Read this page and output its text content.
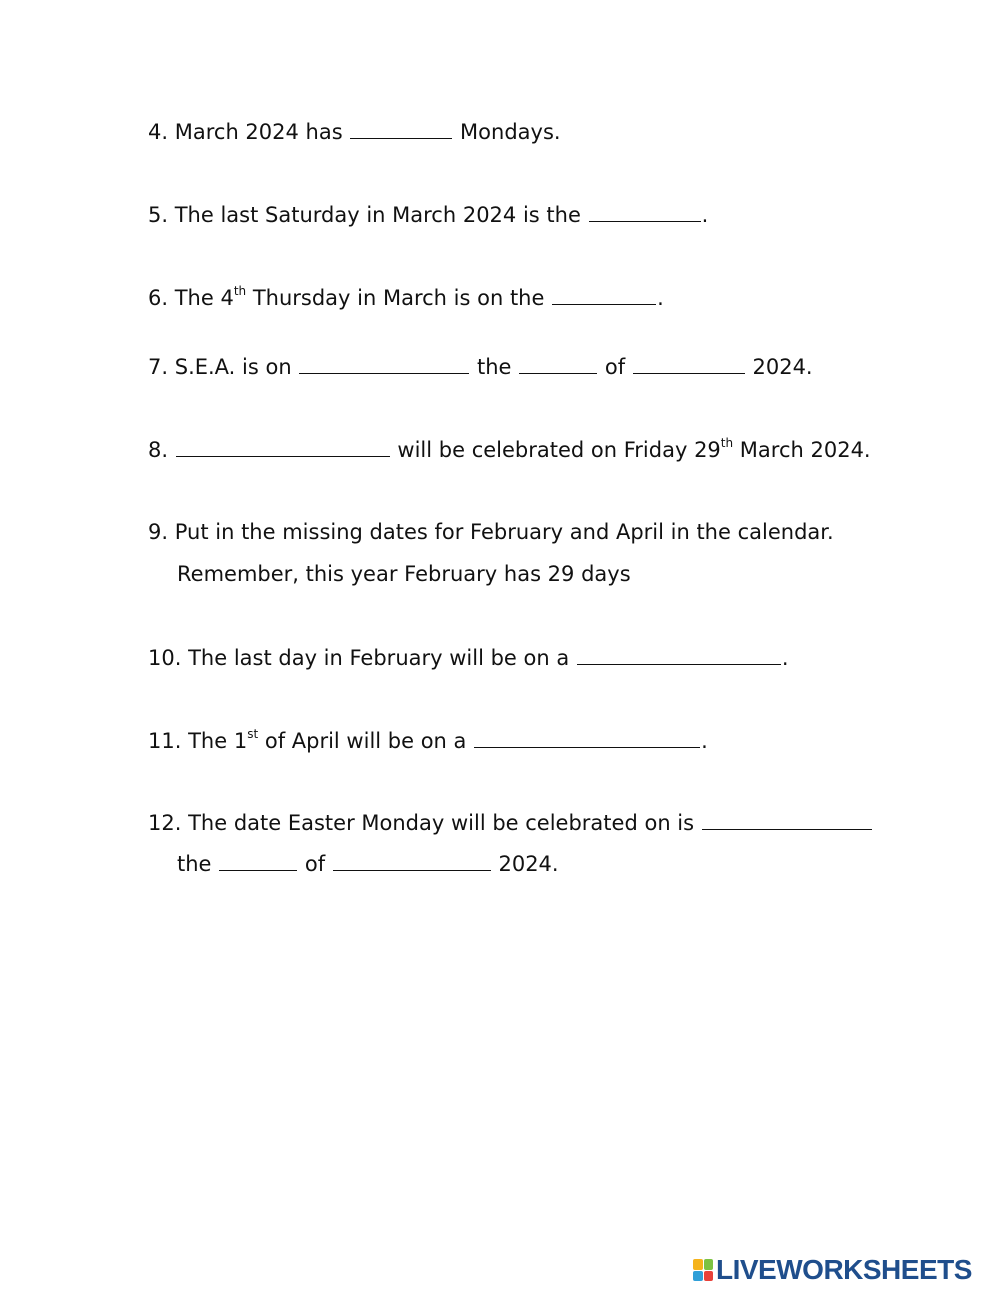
4. March 2024 has	Mondays.
5. The last Saturday in March 2024 is the	.
6. The 4th Thursday in March is on the	.
7. S.E.A. is on	the	of	2024.
8.	will be celebrated on Friday 29th March 2024.
9. Put in the missing dates for February and April in the calendar.
Remember, this year February has 29 days
10. The last day in February will be on a	.
11. The 1st of April will be on a	.
12. The date Easter Monday will be celebrated on is
the	of	2024.
LIVEWORKSHEETS
